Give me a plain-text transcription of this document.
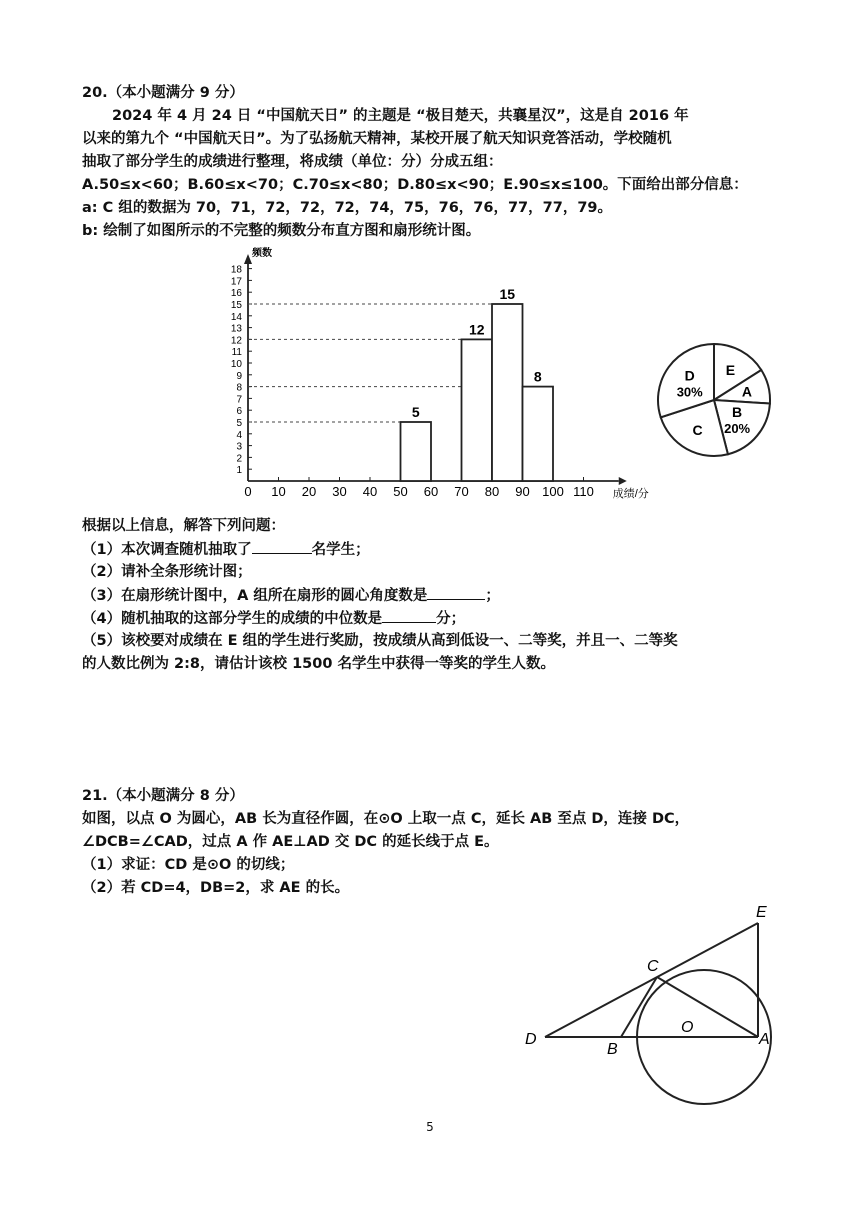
20.（本小题满分 9 分）
2024 年 4 月 24 日 “中国航天日” 的主题是 “极目楚天，共襄星汉”，这是自 2016 年
以来的第九个 “中国航天日”。为了弘扬航天精神，某校开展了航天知识竞答活动，学校随机
抽取了部分学生的成绩进行整理，将成绩（单位：分）分成五组：
A.50≤x<60；B.60≤x<70；C.70≤x<80；D.80≤x<90；E.90≤x≤100。下面给出部分信息：
a: C 组的数据为 70，71，72，72，72，74，75，76，76，77，77，79。
b: 绘制了如图所示的不完整的频数分布直方图和扇形统计图。
频数
成绩/分
0 10 20 30 40 50 60 70 80 90 100 110
1
2
3
4
5
6
7
8
9
10
11
12
13
14
15
16
17
18
5
12
15
8	E
A
B
20%
C
D
30%
根据以上信息，解答下列问题：
（1）本次调查随机抽取了	名学生；
（2）请补全条形统计图；
（3）在扇形统计图中，A 组所在扇形的圆心角度数是	；
（4）随机抽取的这部分学生的成绩的中位数是	分；
（5）该校要对成绩在 E 组的学生进行奖励，按成绩从高到低设一、二等奖，并且一、二等奖
的人数比例为 2:8，请估计该校 1500 名学生中获得一等奖的学生人数。
21.（本小题满分 8 分）
如图，以点 O 为圆心，AB 长为直径作圆，在⊙O 上取一点 C，延长 AB 至点 D，连接 DC，
∠DCB=∠CAD，过点 A 作 AE⊥AD 交 DC 的延长线于点 E。
（1）求证：CD 是⊙O 的切线；
（2）若 CD=4，DB=2，求 AE 的长。
E
C
O
D
B
A
5
